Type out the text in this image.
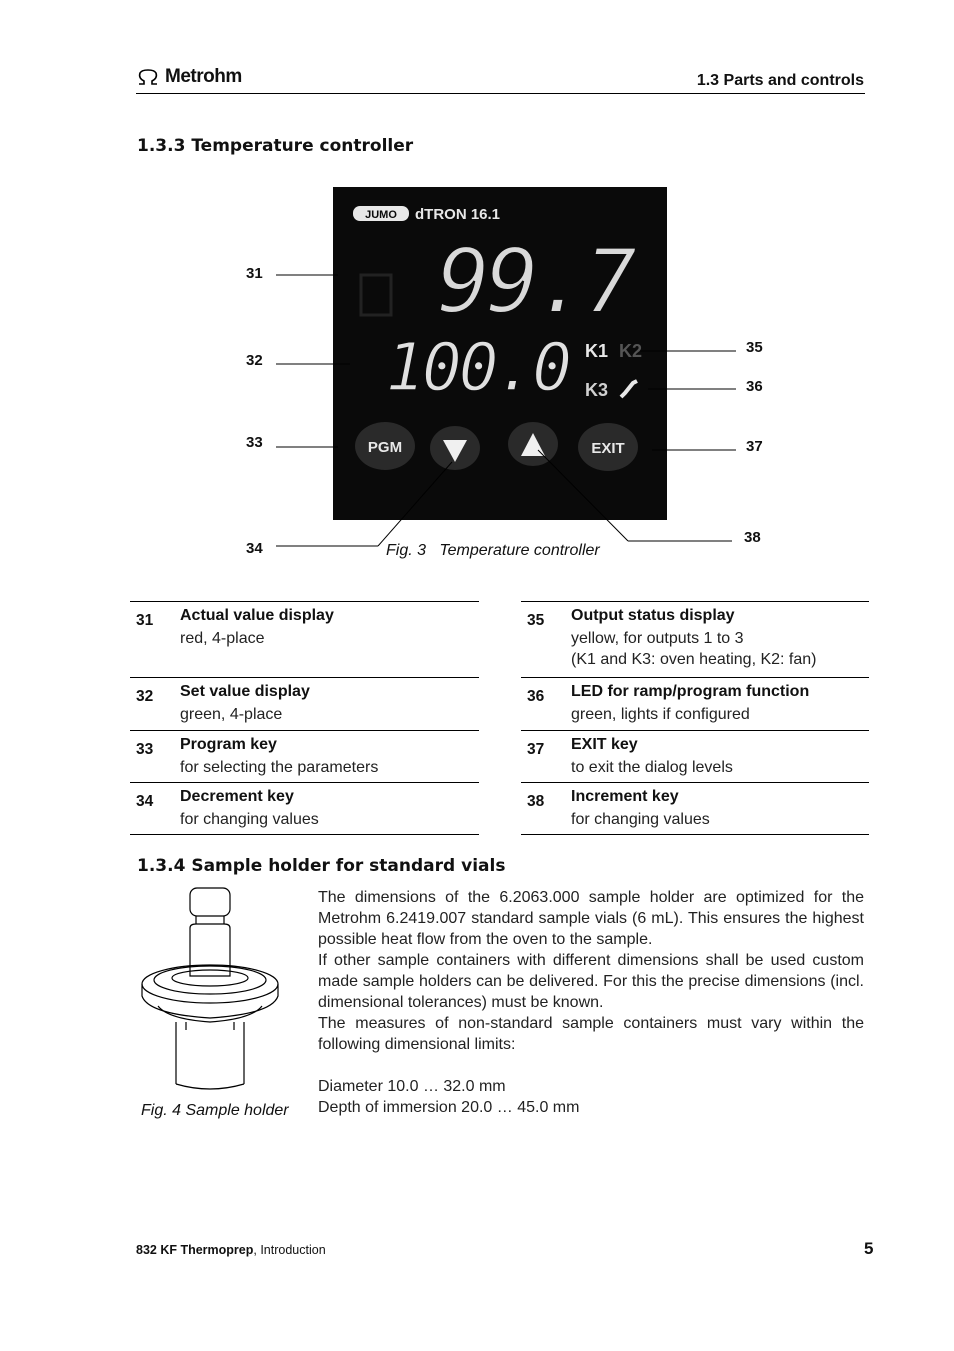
Metrohm	1.3 Parts and controls
1.3.3 Temperature controller
JUMO dTRON 16.1
99.7
100.0 K1 K2
K3
PGM	EXIT
31
32
33
34
35
36
37
38
Fig. 3   Temperature controller
31 Actual value display
red, 4-place
32 Set value display
green, 4-place
33 Program key
for selecting the parameters
34 Decrement key
for changing values
35 Output status display
yellow, for outputs 1 to 3
(K1 and K3: oven heating, K2: fan)
36 LED for ramp/program function
green, lights if configured
37 EXIT key
to exit the dialog levels
38 Increment key
for changing values
1.3.4 Sample holder for standard vials
Fig. 4 Sample holder

The dimensions of the 6.2063.000 sample holder are optimized for the Metrohm 6.2419.007 standard sample vials (6 mL). This ensures the highest possible heat flow from the oven to the sample.

If other sample containers with different dimensions shall be used custom made sample holders can be delivered. For this the precise dimensions (incl. dimensional tolerances) must be known.

The measures of non-standard sample containers must vary within the following dimensional limits:

Diameter 10.0 … 32.0 mm

Depth of immersion 20.0 … 45.0 mm

832 KF Thermoprep, Introduction	5
